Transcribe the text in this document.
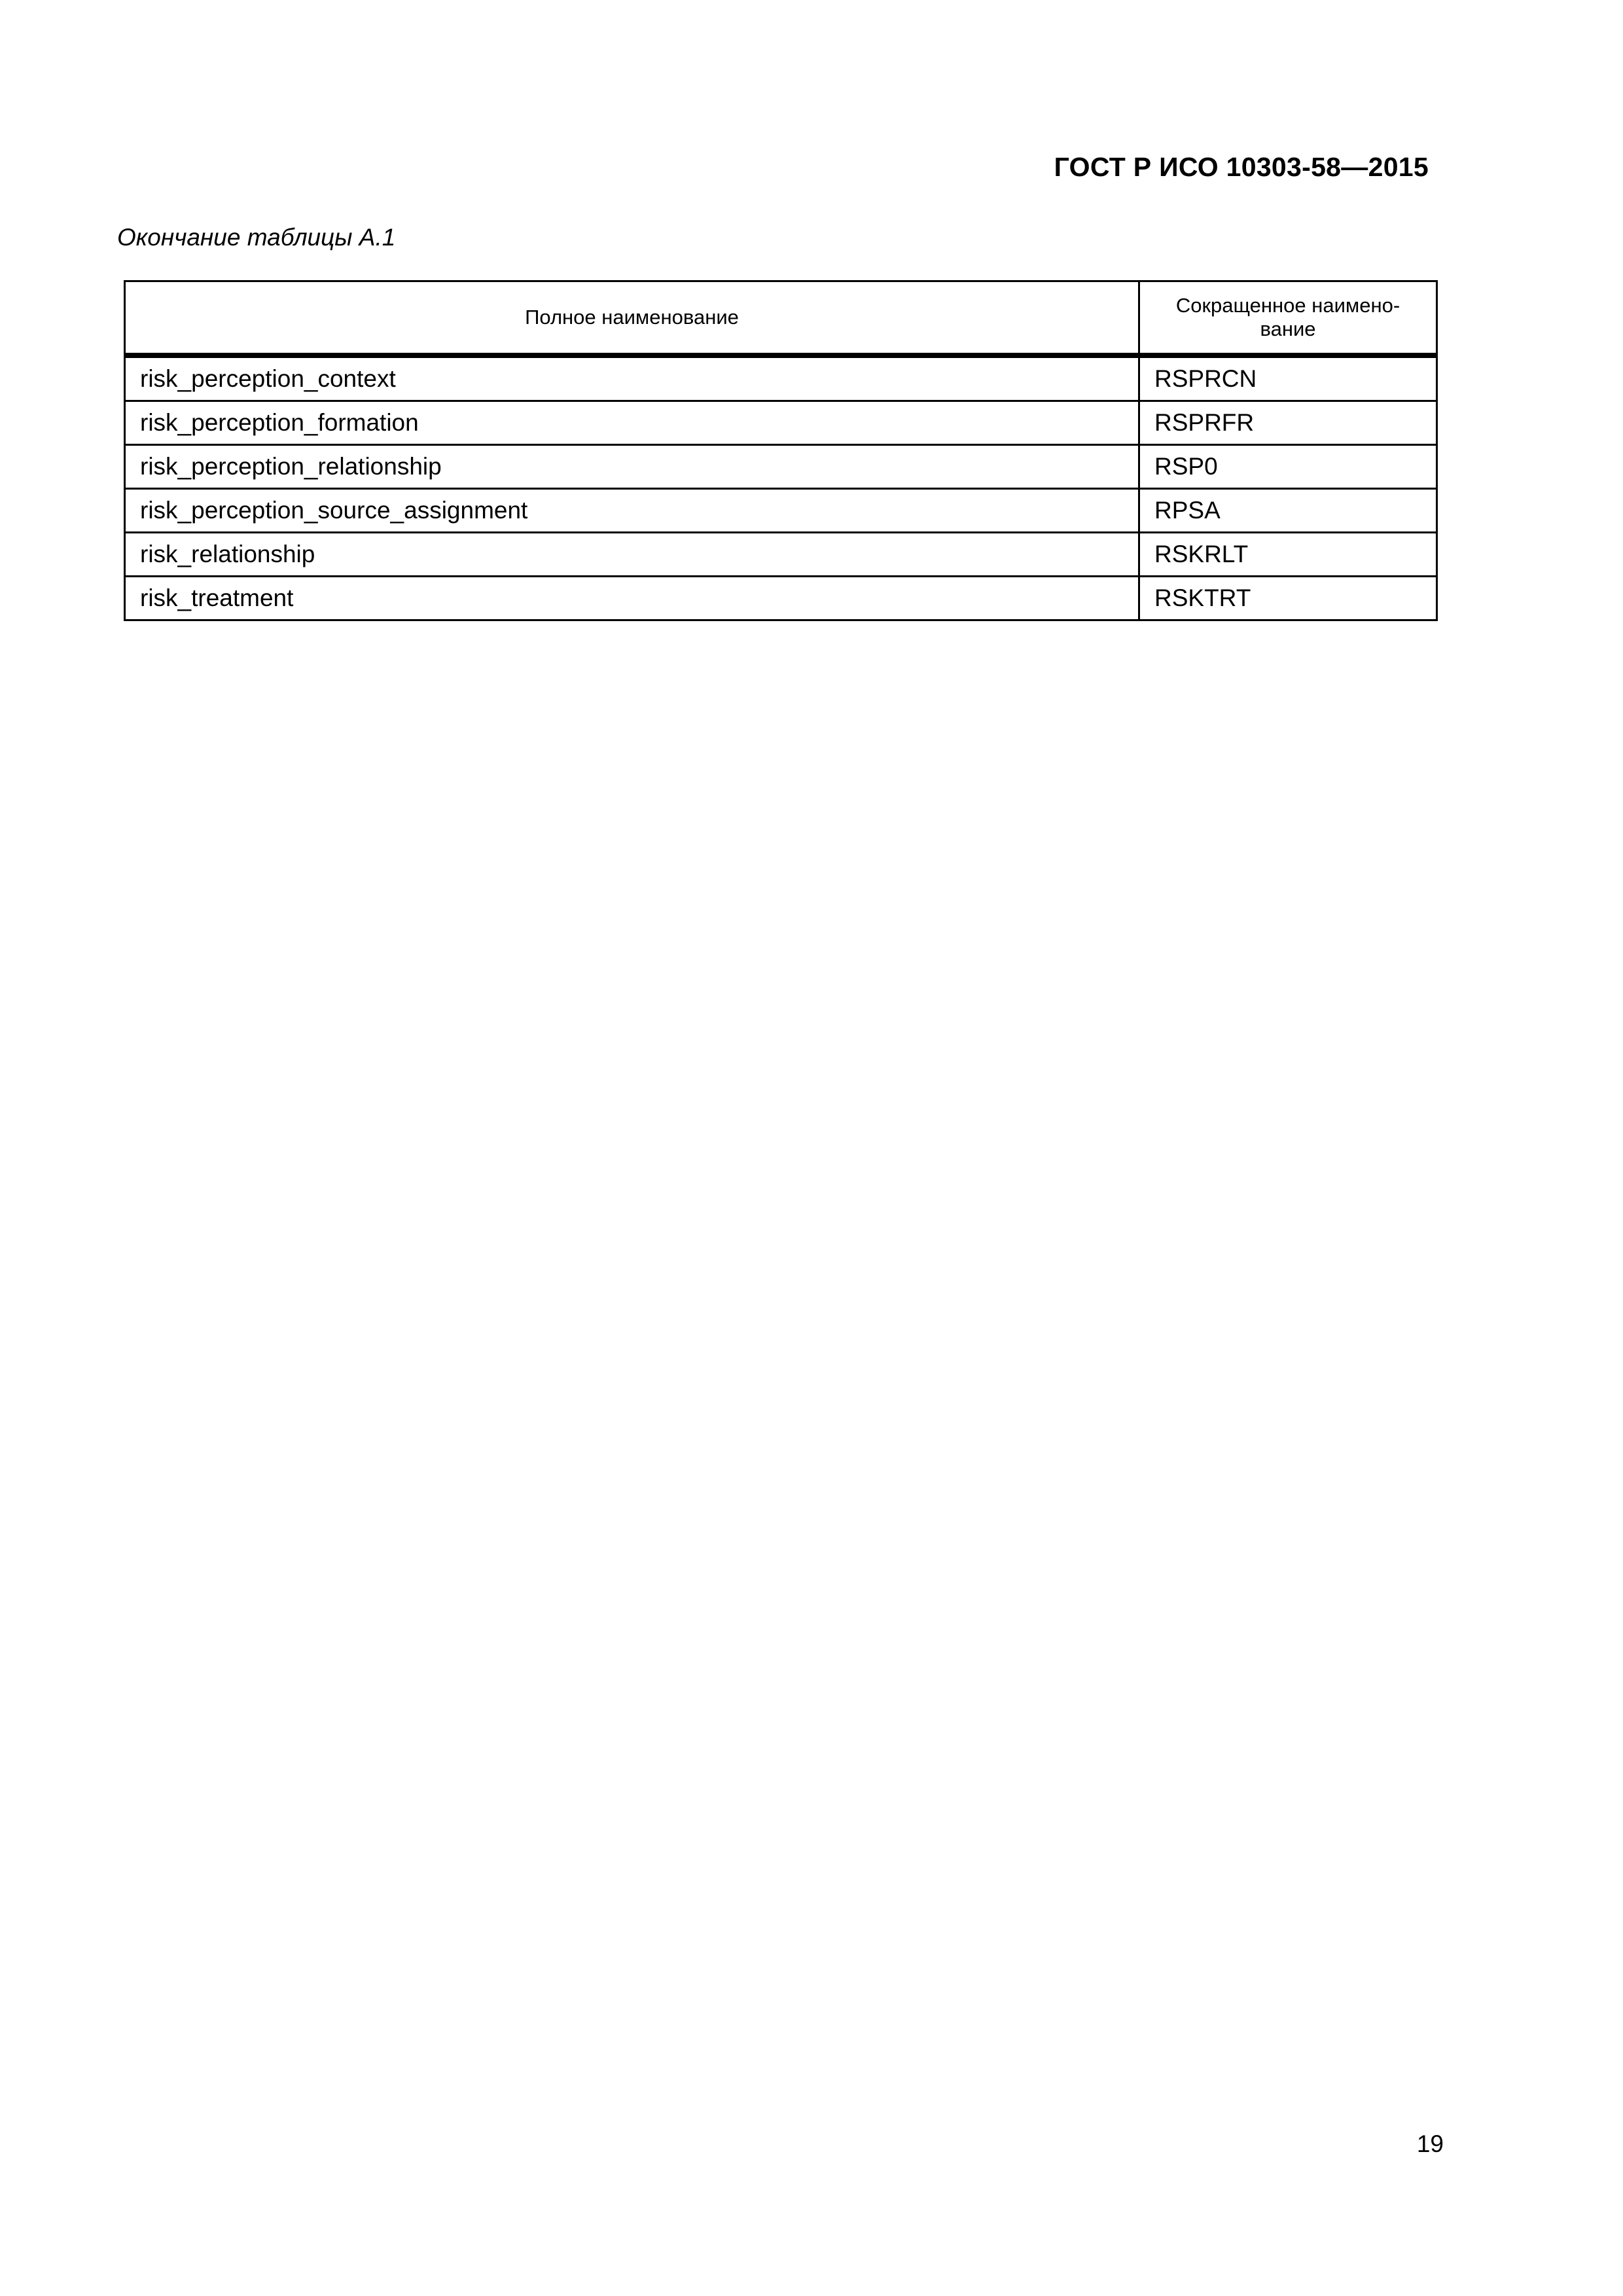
ГОСТ Р ИСО 10303-58—2015
Окончание таблицы А.1
Полное наименование	Сокращенное наимено-
вание
risk_perception_context	RSPRCN
risk_perception_formation	RSPRFR
risk_perception_relationship	RSP0
risk_perception_source_assignment	RPSA
risk_relationship	RSKRLT
risk_treatment	RSKTRT
19
